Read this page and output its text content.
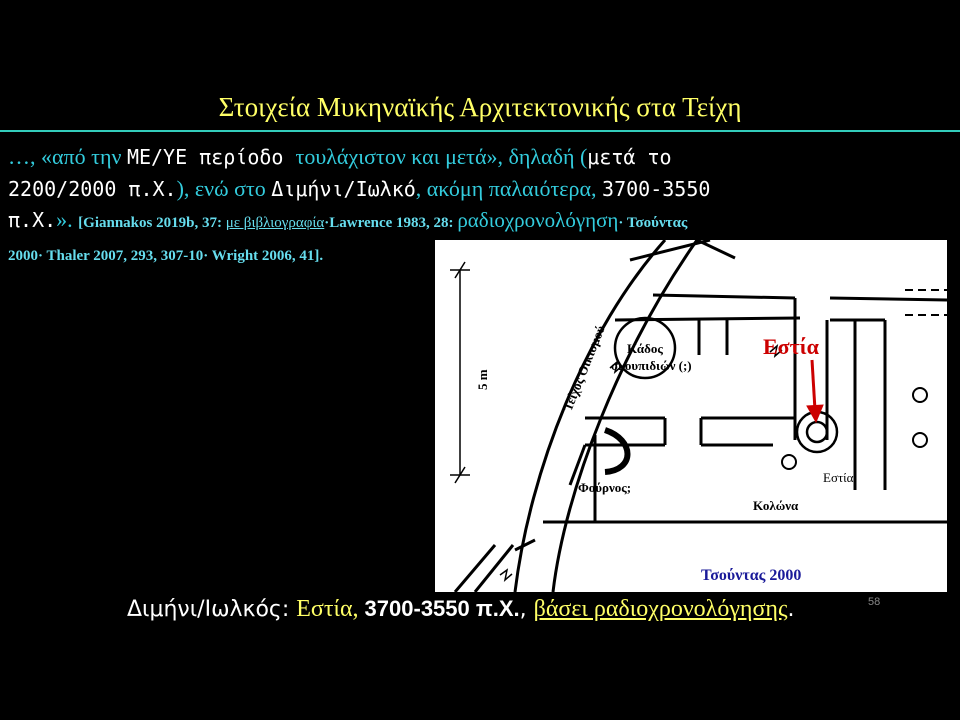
Στοιχεία Μυκηναϊκής Αρχιτεκτονικής στα Τείχη
…, «από την ΜΕ/ΥΕ περίοδο τουλάχιστον και μετά», δηλαδή (μετά το
2200/2000 π.Χ.), ενώ στο Διμήνι/Ιωλκό, ακόμη παλαιότερα, 3700-3550
π.Χ.». [Giannakos 2019b, 37: με βιβλιογραφία·Lawrence 1983, 28: ραδιοχρονολόγηση· Τσούντας
2000· Thaler 2007, 293, 307-10· Wright 2006, 41].
Εστία
Κάδος
σκουπιδιών (;)
Φούρνος;
Εστία
Κολώνα
Τείχος Οικισμού
5 m
Τσούντας 2000
58
Διμήνι/Ιωλκός: Εστία, 3700-3550 π.Χ., βάσει ραδιοχρονολόγησης.
